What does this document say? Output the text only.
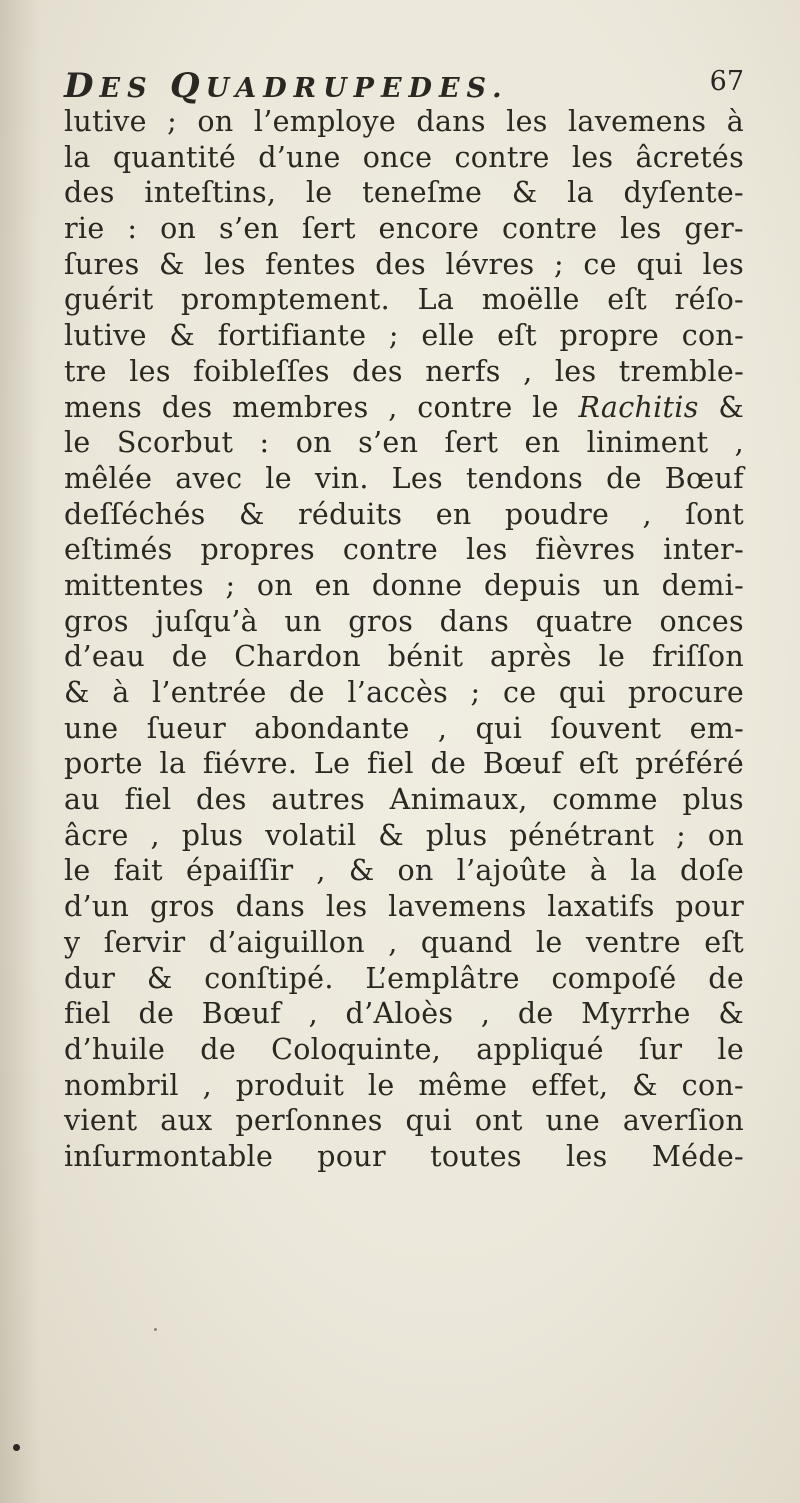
DES QUADRUPEDES.	67
lutive ; on l’employe dans les lavemens à
la quantité d’une once contre les âcretés
des inteſtins, le teneſme & la dyſente-
rie : on s’en ſert encore contre les ger-
ſures & les fentes des lévres ; ce qui les
guérit promptement. La moëlle eſt réſo-
lutive & fortifiante ; elle eſt propre con-
tre les foibleſſes des nerfs , les tremble-
mens des membres , contre le Rachitis &
le Scorbut : on s’en ſert en liniment ,
mêlée avec le vin. Les tendons de Bœuf
deſſéchés & réduits en poudre , ſont
eſtimés propres contre les fièvres inter-
mittentes ; on en donne depuis un demi-
gros juſqu’à un gros dans quatre onces
d’eau de Chardon bénit après le friſſon
& à l’entrée de l’accès ; ce qui procure
une ſueur abondante , qui ſouvent em-
porte la fiévre. Le fiel de Bœuf eſt préféré
au fiel des autres Animaux, comme plus
âcre , plus volatil & plus pénétrant ; on
le fait épaiſſir , & on l’ajoûte à la doſe
d’un gros dans les lavemens laxatifs pour
y ſervir d’aiguillon , quand le ventre eſt
dur & conſtipé. L’emplâtre compoſé de
fiel de Bœuf , d’Aloès , de Myrrhe &
d’huile de Coloquinte, appliqué ſur le
nombril , produit le même effet, & con-
vient aux perſonnes qui ont une averſion
inſurmontable pour toutes les Méde-
